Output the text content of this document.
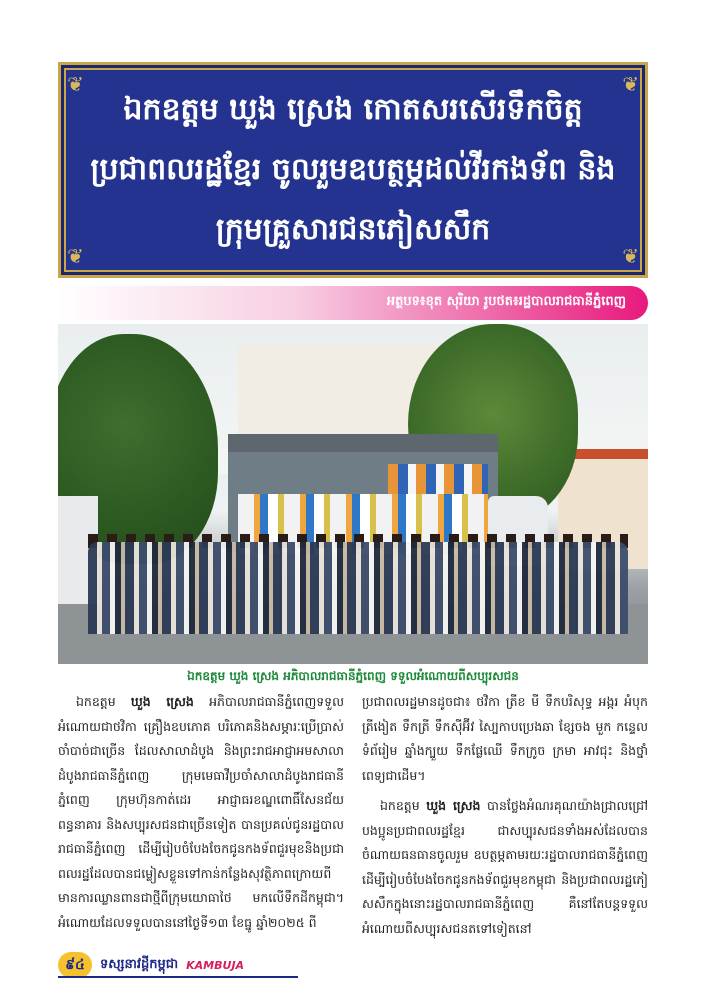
❦	❦
❦	❦
ឯកឧត្តម ឃួង ស្រេង កោតសរសើរទឹកចិត្ត
ប្រជាពលរដ្ឋខ្មែរ ចូលរួមឧបត្ថម្ភដល់វីរកងទ័ព និង
ក្រុមគ្រួសារជនភៀសសឹក
អត្ថបទ៖ខុត សុរិយា រូបថត៖រដ្ឋបាលរាជធានីភ្នំពេញ
ឯកឧត្តម ឃួង ស្រេង អភិបាលរាជធានីភ្នំពេញ ទទួលអំណោយពីសប្បុរសជន

ឯកឧត្តម ឃួង ស្រេង អភិបាលរាជធានីភ្នំពេញទទួលអំណោយជាថវិកា គ្រឿងឧបភោគ បរិភោគនិងសម្ភារៈប្រើប្រាស់ចាំបាច់ជាច្រើន ដែលសាលាដំបូង និងព្រះរាជអាជ្ញាអមសាលាដំបូងរាជធានីភ្នំពេញ ក្រុមមេធាវីប្រចាំសាលាដំបូងរាជធានីភ្នំពេញ ក្រុមហ៊ុនកាត់ដេរ អាជ្ញាធរខណ្ឌពោធិ៍សែនជ័យ ពន្ធនាគារ និងសប្បុរសជនជាច្រើនទៀត បានប្រគល់ជូនរដ្ឋបាលរាជធានីភ្នំពេញ ដើម្បីរៀបចំបែងចែកជូនកងទ័ពជួរមុខនិងប្រជាពលរដ្ឋដែលបានជម្លៀសខ្លួនទៅកាន់កន្លែងសុវត្ថិភាពក្រោយពីមានការឈ្លានពានជាថ្មីពីក្រុមយោធាថៃ មកលើទឹកដីកម្ពុជា។ អំណោយដែលទទួលបាននៅថ្ងៃទី១៣ ខែធ្នូ ឆ្នាំ២០២៥ ពី

ប្រជាពលរដ្ឋមានដូចជា៖ ថវិកា ត្រីខ មី ទឹកបរិសុទ្ធ អង្ករ អំបុក ត្រីងៀត ទឹកត្រី ទឹកស៊ីអ៊ីវ ស្បៃកាបប្រេងឆា ខ្សែចង មួក កន្ទេល ទំព័រៀម ឆ្នាំងក្បួយ ទឹកផ្លែឈើ ទឹកក្រូច ក្រមា អាវជុះ និងថ្នាំពេទ្យជាដើម។

ឯកឧត្តម ឃួង ស្រេង បានថ្លែងអំណរគុណយ៉ាងជ្រាលជ្រៅ បងប្អូនប្រជាពលរដ្ឋខ្មែរ ជាសប្បុរសជនទាំងអស់ដែលបានចំណាយធនធានចូលរួម ឧបត្ថម្ភតាមរយៈរដ្ឋបាលរាជធានីភ្នំពេញ ដើម្បីរៀបចំបែងចែកជូនកងទ័ពជួរមុខកម្ពុជា និងប្រជាពលរដ្ឋភៀសសឹកក្នុងនោះរដ្ឋបាលរាជធានីភ្នំពេញ គឺនៅតែបន្តទទួលអំណោយពីសប្បុរសជនតទៅទៀតនៅ

៩៤	ទស្សនាវដ្តីកម្ពុជា KAMBUJA
